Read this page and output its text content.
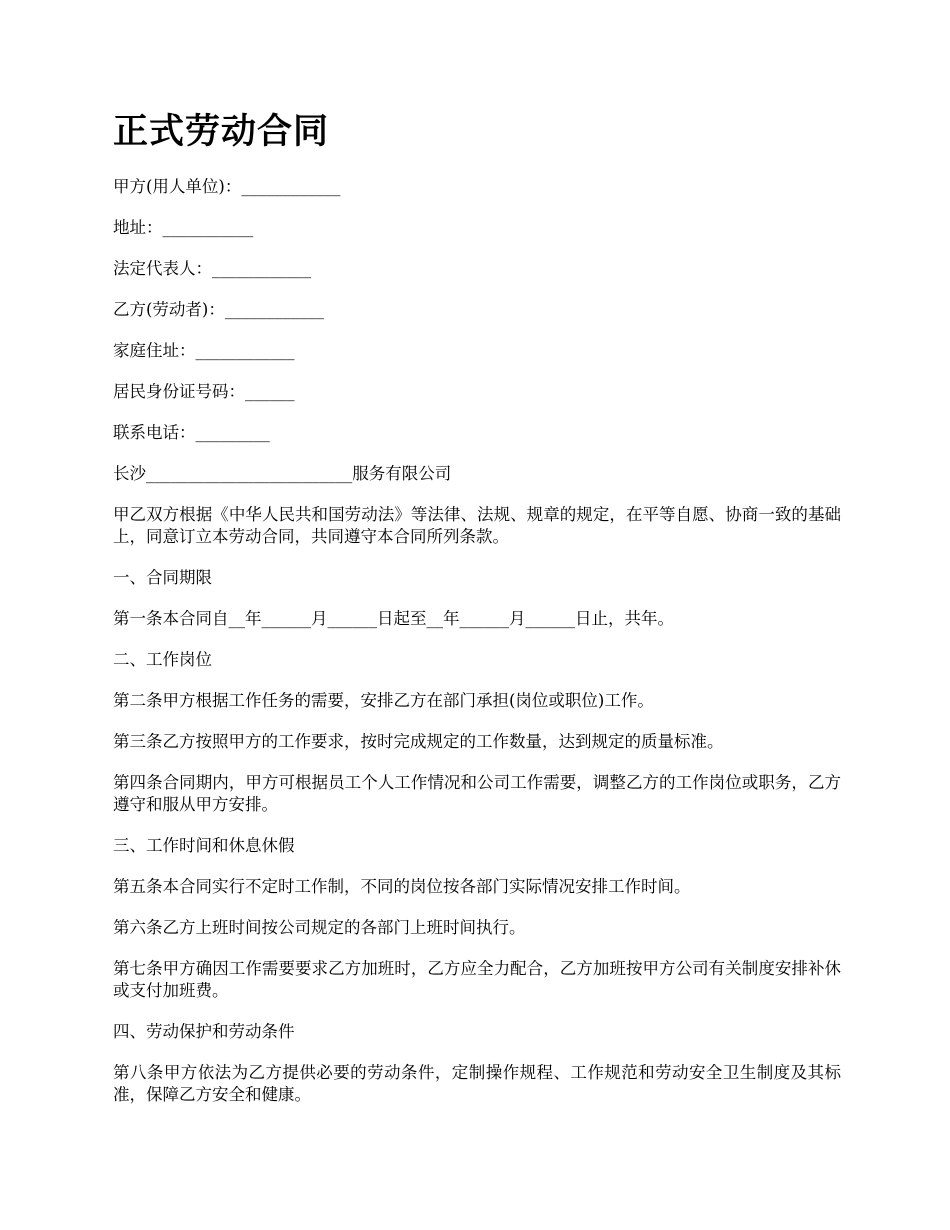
正式劳动合同

甲方(用人单位)：____________

地址：___________

法定代表人：____________

乙方(劳动者)：____________

家庭住址：____________

居民身份证号码：______

联系电话：_________

长沙_________________________服务有限公司

甲乙双方根据《中华人民共和国劳动法》等法律、法规、规章的规定，在平等自愿、协商一致的基础上，同意订立本劳动合同，共同遵守本合同所列条款。

一、合同期限

第一条本合同自__年______月______日起至__年______月______日止，共年。

二、工作岗位

第二条甲方根据工作任务的需要，安排乙方在部门承担(岗位或职位)工作。

第三条乙方按照甲方的工作要求，按时完成规定的工作数量，达到规定的质量标准。

第四条合同期内，甲方可根据员工个人工作情况和公司工作需要，调整乙方的工作岗位或职务，乙方遵守和服从甲方安排。

三、工作时间和休息休假

第五条本合同实行不定时工作制，不同的岗位按各部门实际情况安排工作时间。

第六条乙方上班时间按公司规定的各部门上班时间执行。

第七条甲方确因工作需要要求乙方加班时，乙方应全力配合，乙方加班按甲方公司有关制度安排补休或支付加班费。

四、劳动保护和劳动条件

第八条甲方依法为乙方提供必要的劳动条件，定制操作规程、工作规范和劳动安全卫生制度及其标准，保障乙方安全和健康。
